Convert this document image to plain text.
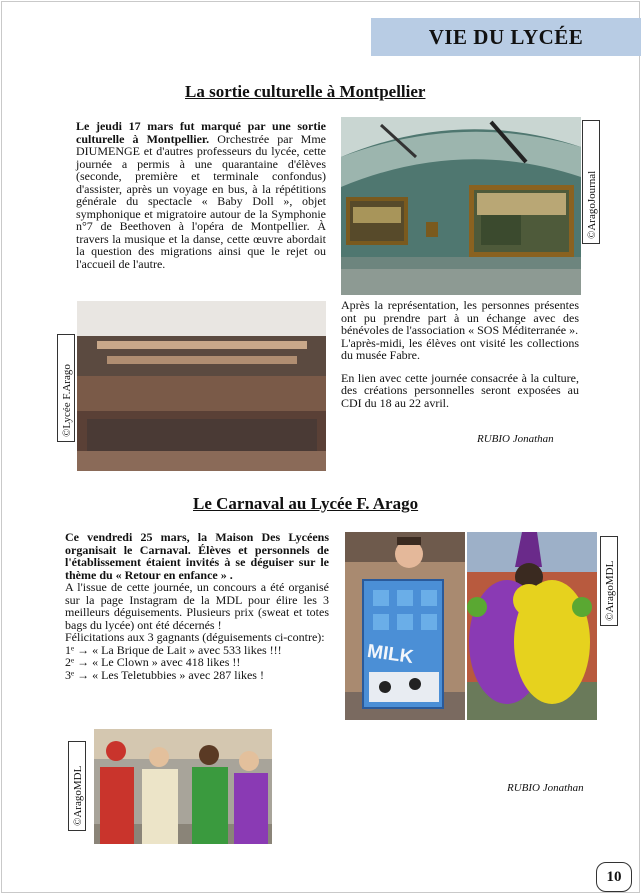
VIE DU LYCÉE
La sortie culturelle à Montpellier
Le jeudi 17 mars fut marqué par une sortie culturelle à Montpellier. Orchestrée par Mme DIUMENGE et d'autres professeurs du lycée, cette journée a permis à une quarantaine d'élèves (seconde, première et terminale confondus) d'assister, après un voyage en bus, à la répétitions générale du spectacle « Baby Doll », objet symphonique et migratoire autour de la Symphonie n°7 de Beethoven à l'opéra de Montpellier. À travers la musique et la danse, cette œuvre abordait la question des migrations ainsi que le rejet ou l'accueil de l'autre.
©AragoJournal
©Lycée F.Arago

Après la représentation, les personnes présentes ont pu prendre part à un échange avec des bénévoles de l'association « SOS Méditerranée ».

L'après-midi, les élèves ont visité les collections du musée Fabre.

En lien avec cette journée consacrée à la culture, des créations personnelles seront exposées au CDI du 18 au 22 avril.

RUBIO Jonathan
Le Carnaval au Lycée F. Arago

Ce vendredi 25 mars, la Maison Des Lycéens organisait le Carnaval. Élèves et personnels de l'établissement étaient invités à se déguiser sur le thème du « Retour en enfance » .

A l'issue de cette journée, un concours a été organisé sur la page Instagram de la MDL pour élire les 3 meilleurs déguisements. Plusieurs prix (sweat et totes bags du lycée) ont été décernés !

Félicitations aux 3 gagnants (déguisements ci-contre):

1ᵉ → « La Brique de Lait » avec 533 likes !!!
2ᵉ → « Le Clown » avec 418 likes !!
3ᵉ → « Les Teletubbies » avec 287 likes !
MILK
©AragoMDL
©AragoMDL	RUBIO Jonathan
10
